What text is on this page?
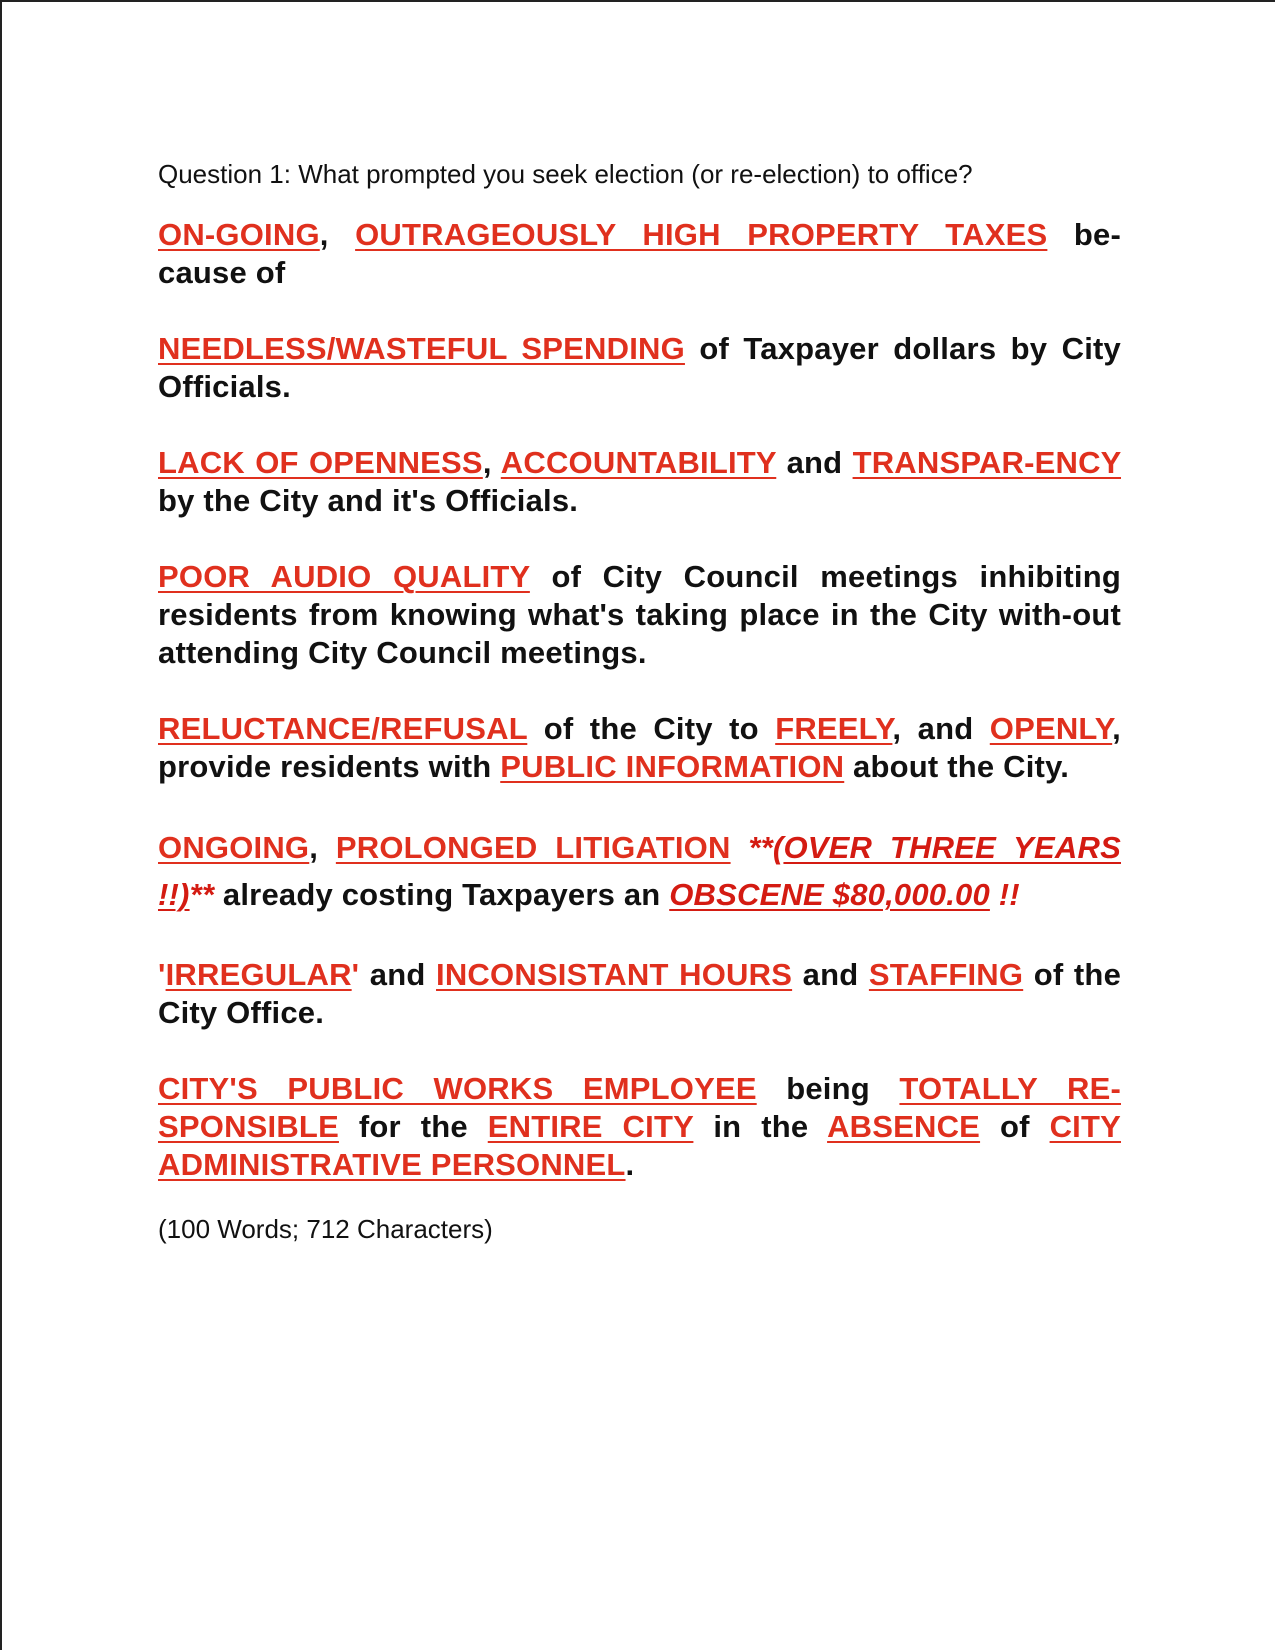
Question 1: What prompted you seek election (or re-election) to office?

ON-GOING, OUTRAGEOUSLY HIGH PROPERTY TAXES be-cause of

NEEDLESS/WASTEFUL SPENDING of Taxpayer dollars by City Officials.

LACK OF OPENNESS, ACCOUNTABILITY and TRANSPAR-ENCY by the City and it's Officials.

POOR AUDIO QUALITY of City Council meetings inhibiting residents from knowing what's taking place in the City with-out attending City Council meetings.

RELUCTANCE/REFUSAL of the City to FREELY, and OPENLY, provide residents with PUBLIC INFORMATION about the City.

ONGOING, PROLONGED LITIGATION **(OVER THREE YEARS !!)** already costing Taxpayers an OBSCENE $80,000.00 !!

'IRREGULAR' and INCONSISTANT HOURS and STAFFING of the City Office.

CITY'S PUBLIC WORKS EMPLOYEE being TOTALLY RE-SPONSIBLE for the ENTIRE CITY in the ABSENCE of CITY ADMINISTRATIVE PERSONNEL.

(100 Words; 712 Characters)
